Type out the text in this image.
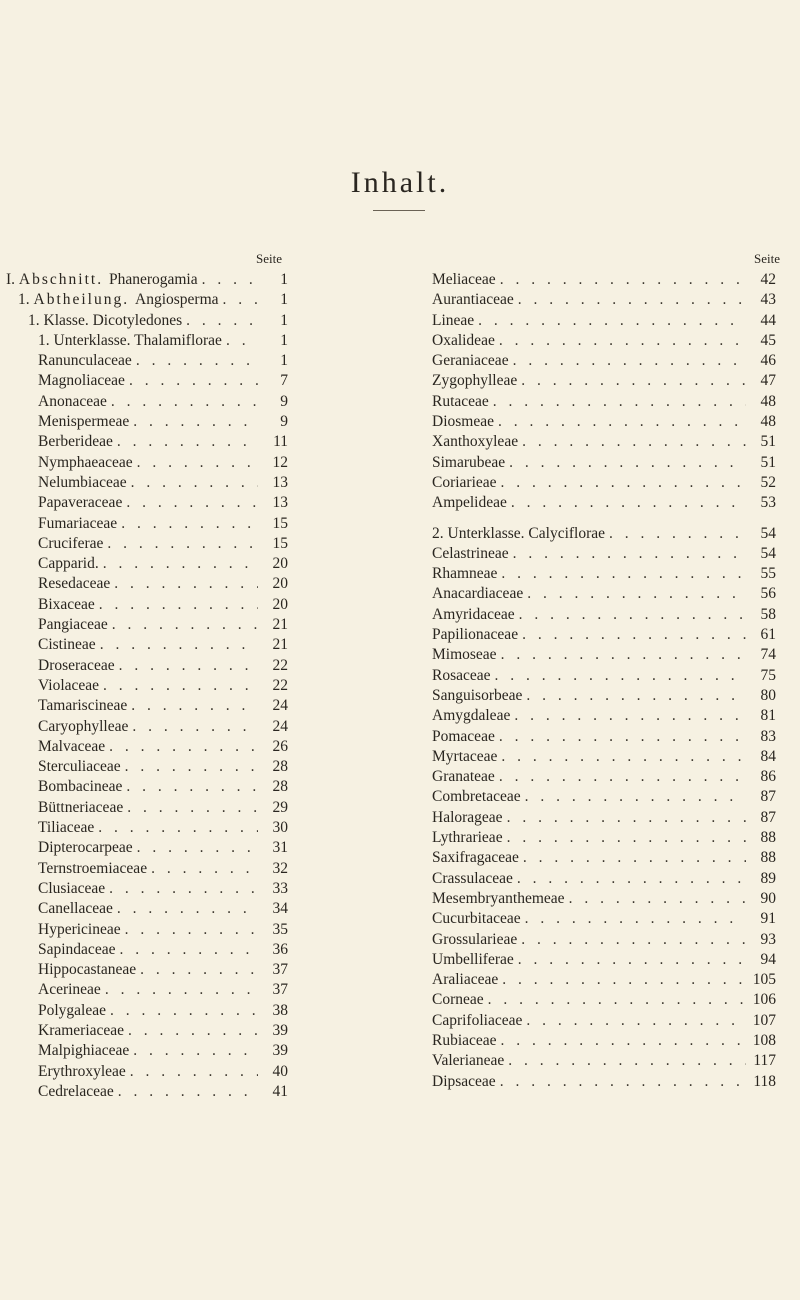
Inhalt.
Seite
I. Abschnitt. Phanerogamia . . .	1
1. Abtheilung. Angiosperma . . .	1
1. Klasse. Dicotyledones . . .	1
1. Unterklasse. Thalamiflorae . . .	1
Ranunculaceae . . .	1
Magnoliaceae . . .	7
Anonaceae . . .	9
Menispermeae . . .	9
Berberideae . . .	11
Nymphaeaceae . . .	12
Nelumbiaceae . . .	13
Papaveraceae . . .	13
Fumariaceae . . .	15
Cruciferae . . .	15
Capparid. . . .	20
Resedaceae . . .	20
Bixaceae . . .	20
Pangiaceae . . .	21
Cistineae . . .	21
Droseraceae . . .	22
Violaceae . . .	22
Tamariscineae . . .	24
Caryophylleae . . .	24
Malvaceae . . .	26
Sterculiaceae . . .	28
Bombacineae . . .	28
Büttneriaceae . . .	29
Tiliaceae . . .	30
Dipterocarpeae . . .	31
Ternstroemiaceae . . .	32
Clusiaceae . . .	33
Canellaceae . . .	34
Hypericineae . . .	35
Sapindaceae . . .	36
Hippocastaneae . . .	37
Acerineae . . .	37
Polygaleae . . .	38
Krameriaceae . . .	39
Malpighiaceae . . .	39
Erythroxyleae . . .	40
Cedrelaceae . . .	41
Seite
Meliaceae . . .	42
Aurantiaceae . . .	43
Lineae . . .	44
Oxalideae . . .	45
Geraniaceae . . .	46
Zygophylleae . . .	47
Rutaceae . . .	48
Diosmeae . . .	48
Xanthoxyleae . . .	51
Simarubeae . . .	51
Coriarieae . . .	52
Ampelideae . . .	53
2. Unterklasse. Calyciflorae . . .	54
Celastrineae . . .	54
Rhamneae . . .	55
Anacardiaceae . . .	56
Amyridaceae . . .	58
Papilionaceae . . .	61
Mimoseae . . .	74
Rosaceae . . .	75
Sanguisorbeae . . .	80
Amygdaleae . . .	81
Pomaceae . . .	83
Myrtaceae . . .	84
Granateae . . .	86
Combretaceae . . .	87
Halorageae . . .	87
Lythrarieae . . .	88
Saxifragaceae . . .	88
Crassulaceae . . .	89
Mesembryanthemeae . . .	90
Cucurbitaceae . . .	91
Grossularieae . . .	93
Umbelliferae . . .	94
Araliaceae . . .	105
Corneae . . .	106
Caprifoliaceae . . .	107
Rubiaceae . . .	108
Valerianeae . . .	117
Dipsaceae . . .	118
